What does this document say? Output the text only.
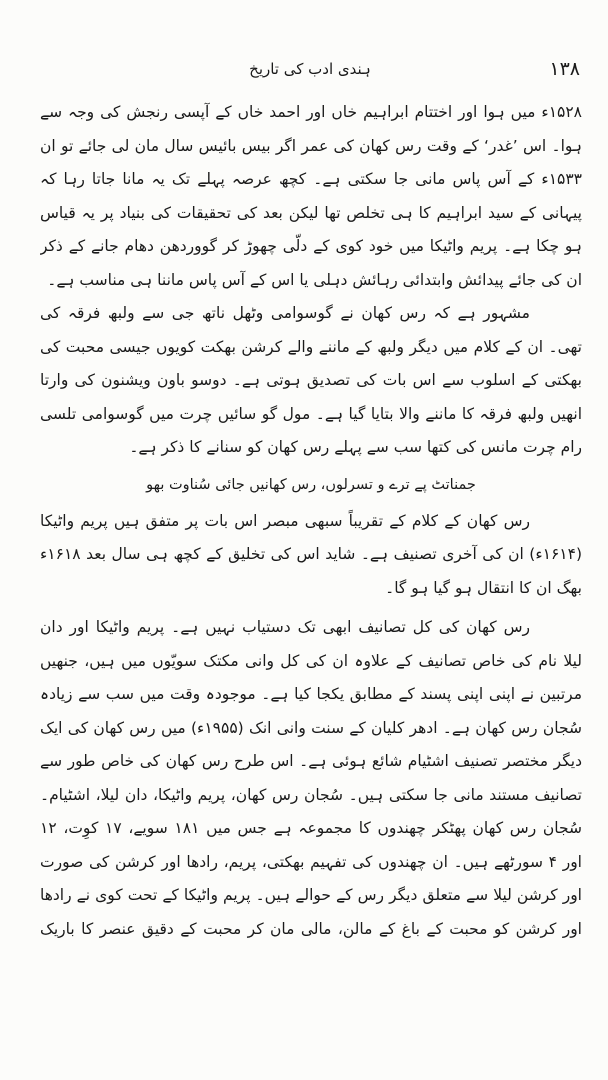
۱۳۸
ہندی ادب کی تاریخ
۱۵۲۸ء میں ہوا اور اختتام ابراہیم خاں اور احمد خاں کے آپسی رنجش کی وجہ سے
ہوا۔ اس ’غدر‘ کے وقت رس کھان کی عمر اگر بیس بائیس سال مان لی جائے تو ان
۱۵۳۳ء کے آس پاس مانی جا سکتی ہے۔ کچھ عرصہ پہلے تک یہ مانا جاتا رہا کہ
پیہانی کے سید ابراہیم کا ہی تخلص تھا لیکن بعد کی تحقیقات کی بنیاد پر یہ قیاس
ہو چکا ہے۔ پریم واٹیکا میں خود کوی کے دلّی چھوڑ کر گووردھن دھام جانے کے ذکر
ان کی جائے پیدائش وابتدائی رہائش دہلی یا اس کے آس پاس ماننا ہی مناسب ہے۔
مشہور ہے کہ رس کھان نے گوسوامی وٹھل ناتھ جی سے ولبھ فرقہ کی
تھی۔ ان کے کلام میں دیگر ولبھ کے ماننے والے کرشن بھکت کویوں جیسی محبت کی
بھکتی کے اسلوب سے اس بات کی تصدیق ہوتی ہے۔ دوسو باون ویشنون کی وارتا
انھیں ولبھ فرقہ کا ماننے والا بتایا گیا ہے۔ مول گو سائیں چرت میں گوسوامی تلسی
رام چرت مانس کی کتھا سب سے پہلے رس کھان کو سنانے کا ذکر ہے۔
جمناتٹ پے ترے و تسرلوں، رس کھانیں جائی سُناوت بھو
رس کھان کے کلام کے تقریباً سبھی مبصر اس بات پر متفق ہیں پریم واٹیکا
(۱۶۱۴ء) ان کی آخری تصنیف ہے۔ شاید اس کی تخلیق کے کچھ ہی سال بعد ۱۶۱۸ء
بھگ ان کا انتقال ہو گیا ہو گا۔
رس کھان کی کل تصانیف ابھی تک دستیاب نہیں ہے۔ پریم واٹیکا اور دان
لیلا نام کی خاص تصانیف کے علاوہ ان کی کل وانی مکتک سویّوں میں ہیں، جنھیں
مرتبین نے اپنی اپنی پسند کے مطابق یکجا کیا ہے۔ موجودہ وقت میں سب سے زیادہ
سُجان رس کھان ہے۔ ادھر کلیان کے سنت وانی انک (۱۹۵۵ء) میں رس کھان کی ایک
دیگر مختصر تصنیف اشٹیام شائع ہوئی ہے۔ اس طرح رس کھان کی خاص طور سے
تصانیف مستند مانی جا سکتی ہیں۔ سُجان رس کھان، پریم واٹیکا، دان لیلا، اشٹیام۔
سُجان رس کھان پھٹکر چھندوں کا مجموعہ ہے جس میں ۱۸۱ سویے، ۱۷ کوِت، ۱۲
اور ۴ سورٹھے ہیں۔ ان چھندوں کی تفہیم بھکتی، پریم، رادھا اور کرشن کی صورت
اور کرشن لیلا سے متعلق دیگر رس کے حوالے ہیں۔ پریم واٹیکا کے تحت کوی نے رادھا
اور کرشن کو محبت کے باغ کے مالن، مالی مان کر محبت کے دقیق عنصر کا باریک
